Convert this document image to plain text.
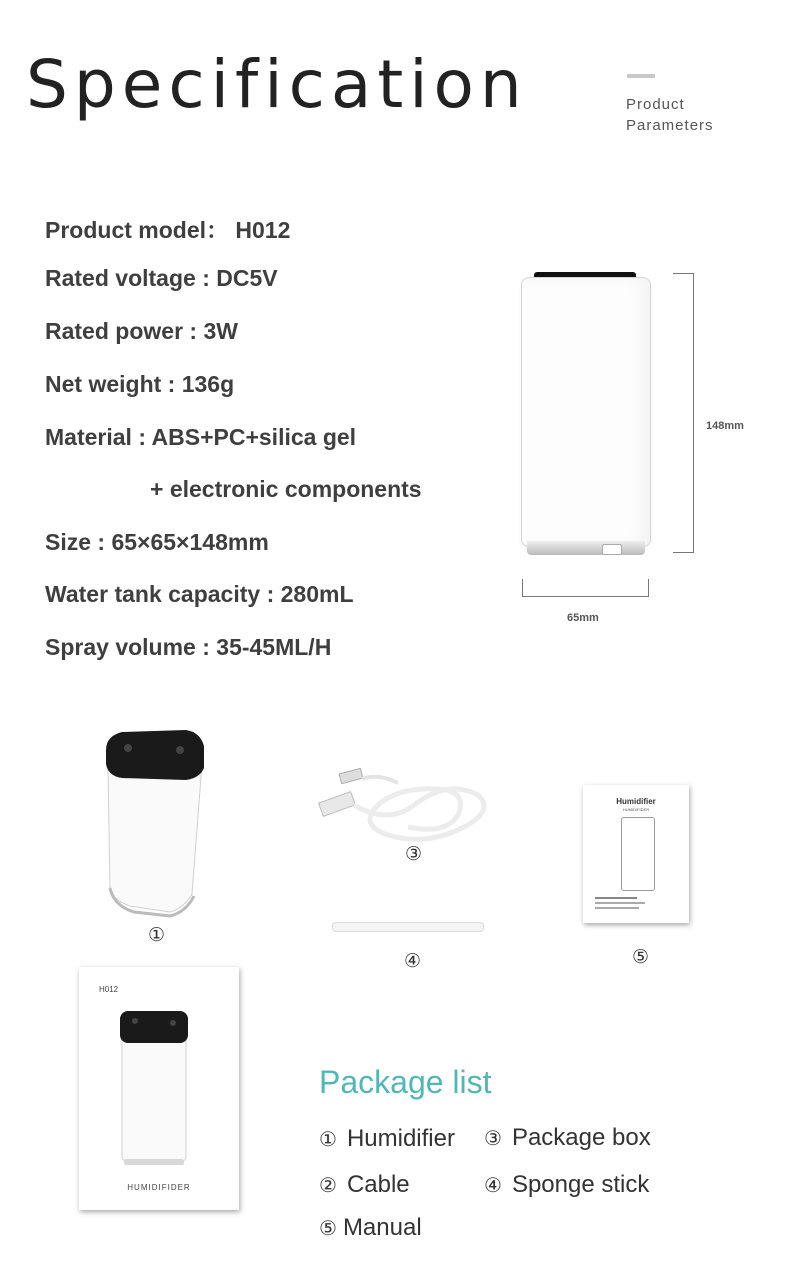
Specification	Product
Parameters
Product model： H012
Rated voltage : DC5V
Rated power : 3W
Net weight : 136g
Material : ABS+PC+silica gel
+ electronic components
Size : 65×65×148mm
Water tank capacity : 280mL
Spray volume : 35-45ML/H
148mm
65mm
①
③
④
Humidifier
HUMIDIFIDER
⑤
H012
HUMIDIFIDER
Package list
① Humidifier ③ Package box
② Cable	④ Sponge stick
⑤ Manual
